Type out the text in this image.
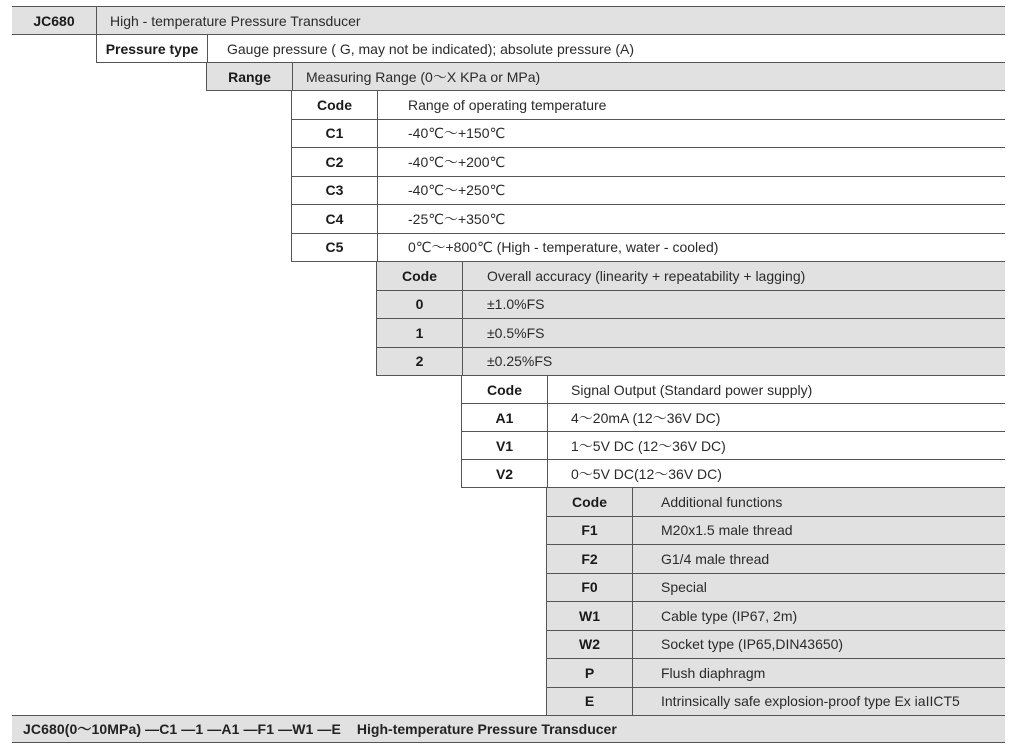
JC680	High - temperature Pressure Transducer
Pressure type	Gauge pressure ( G, may not be indicated); absolute pressure (A)
Range	Measuring Range (0～X KPa or MPa)
Code	Range of operating temperature
C1	-40℃～+150℃
C2	-40℃～+200℃
C3	-40℃～+250℃
C4	-25℃～+350℃
C5	0℃～+800℃ (High - temperature, water - cooled)
Code	Overall accuracy (linearity + repeatability + lagging)
0	±1.0%FS
1	±0.5%FS
2	±0.25%FS
Code	Signal Output (Standard power supply)
A1	4～20mA (12～36V DC)
V1	1～5V DC (12～36V DC)
V2	0～5V DC(12～36V DC)
Code	Additional functions
F1	M20x1.5 male thread
F2	G1/4 male thread
F0	Special
W1	Cable type (IP67, 2m)
W2	Socket type (IP65,DIN43650)
P	Flush diaphragm
E	Intrinsically safe explosion-proof type Ex iaIICT5
JC680(0～10MPa) —C1 —1 —A1 —F1 —W1 —E High-temperature Pressure Transducer
